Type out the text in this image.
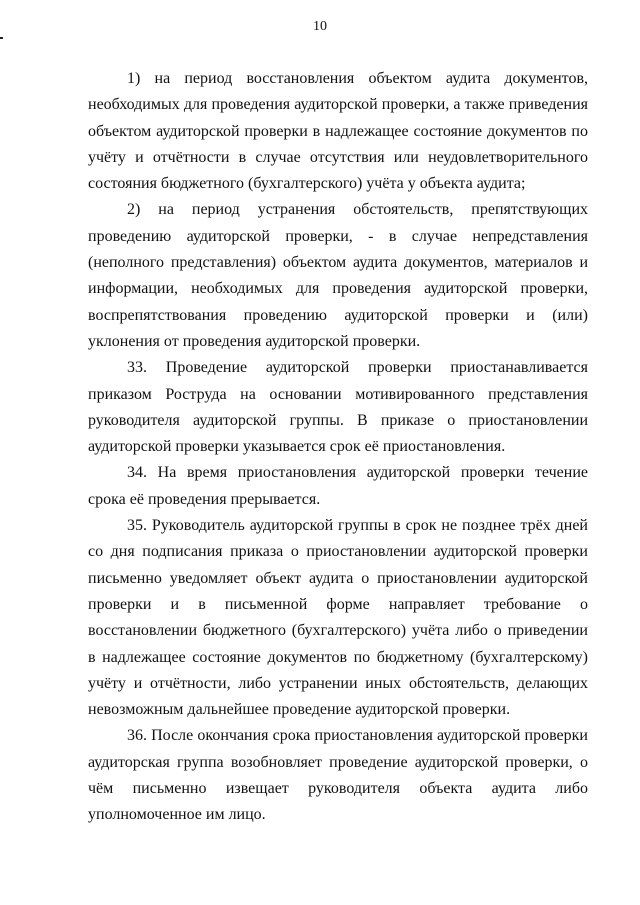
10

1) на период восстановления объектом аудита документов, необходимых для проведения аудиторской проверки, а также приведения объектом аудиторской проверки в надлежащее состояние документов по учёту и отчётности в случае отсутствия или неудовлетворительного состояния бюджетного (бухгалтерского) учёта у объекта аудита;

2) на период устранения обстоятельств, препятствующих проведению аудиторской проверки, - в случае непредставления (неполного представления) объектом аудита документов, материалов и информации, необходимых для проведения аудиторской проверки, воспрепятствования проведению аудиторской проверки и (или) уклонения от проведения аудиторской проверки.

33. Проведение аудиторской проверки приостанавливается приказом Роструда на основании мотивированного представления руководителя аудиторской группы. В приказе о приостановлении аудиторской проверки указывается срок её приостановления.

34. На время приостановления аудиторской проверки течение срока её проведения прерывается.

35. Руководитель аудиторской группы в срок не позднее трёх дней со дня подписания приказа о приостановлении аудиторской проверки письменно уведомляет объект аудита о приостановлении аудиторской проверки и в письменной форме направляет требование о восстановлении бюджетного (бухгалтерского) учёта либо о приведении в надлежащее состояние документов по бюджетному (бухгалтерскому) учёту и отчётности, либо устранении иных обстоятельств, делающих невозможным дальнейшее проведение аудиторской проверки.

36. После окончания срока приостановления аудиторской проверки аудиторская группа возобновляет проведение аудиторской проверки, о чём письменно извещает руководителя объекта аудита либо уполномоченное им лицо.
